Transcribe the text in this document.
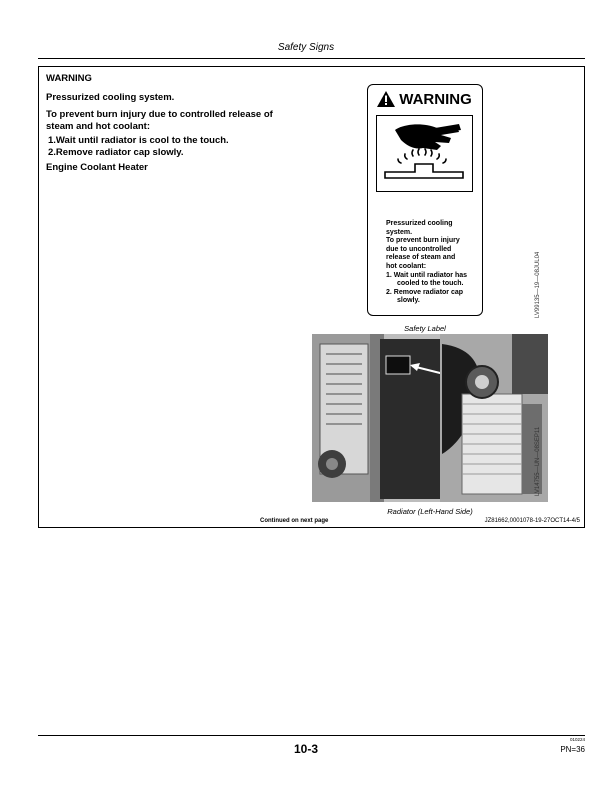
Safety Signs
WARNING
Pressurized cooling system.
To prevent burn injury due to controlled release of
steam and hot coolant:
1.Wait until radiator is cool to the touch.
2.Remove radiator cap slowly.
Engine Coolant Heater
WARNING
Pressurized cooling
system.
To prevent burn injury
due to uncontrolled
release of steam and
hot coolant:
1. Wait until radiator has cooled to the touch.
2. Remove radiator cap slowly.	LV99135—19—08JUL04
Safety Label
LV14755—UN—08SEP11
Radiator (Left-Hand Side)
Continued on next page	JZ81662,0001078-19-27OCT14-4/5
010224
10-3	PN=36
